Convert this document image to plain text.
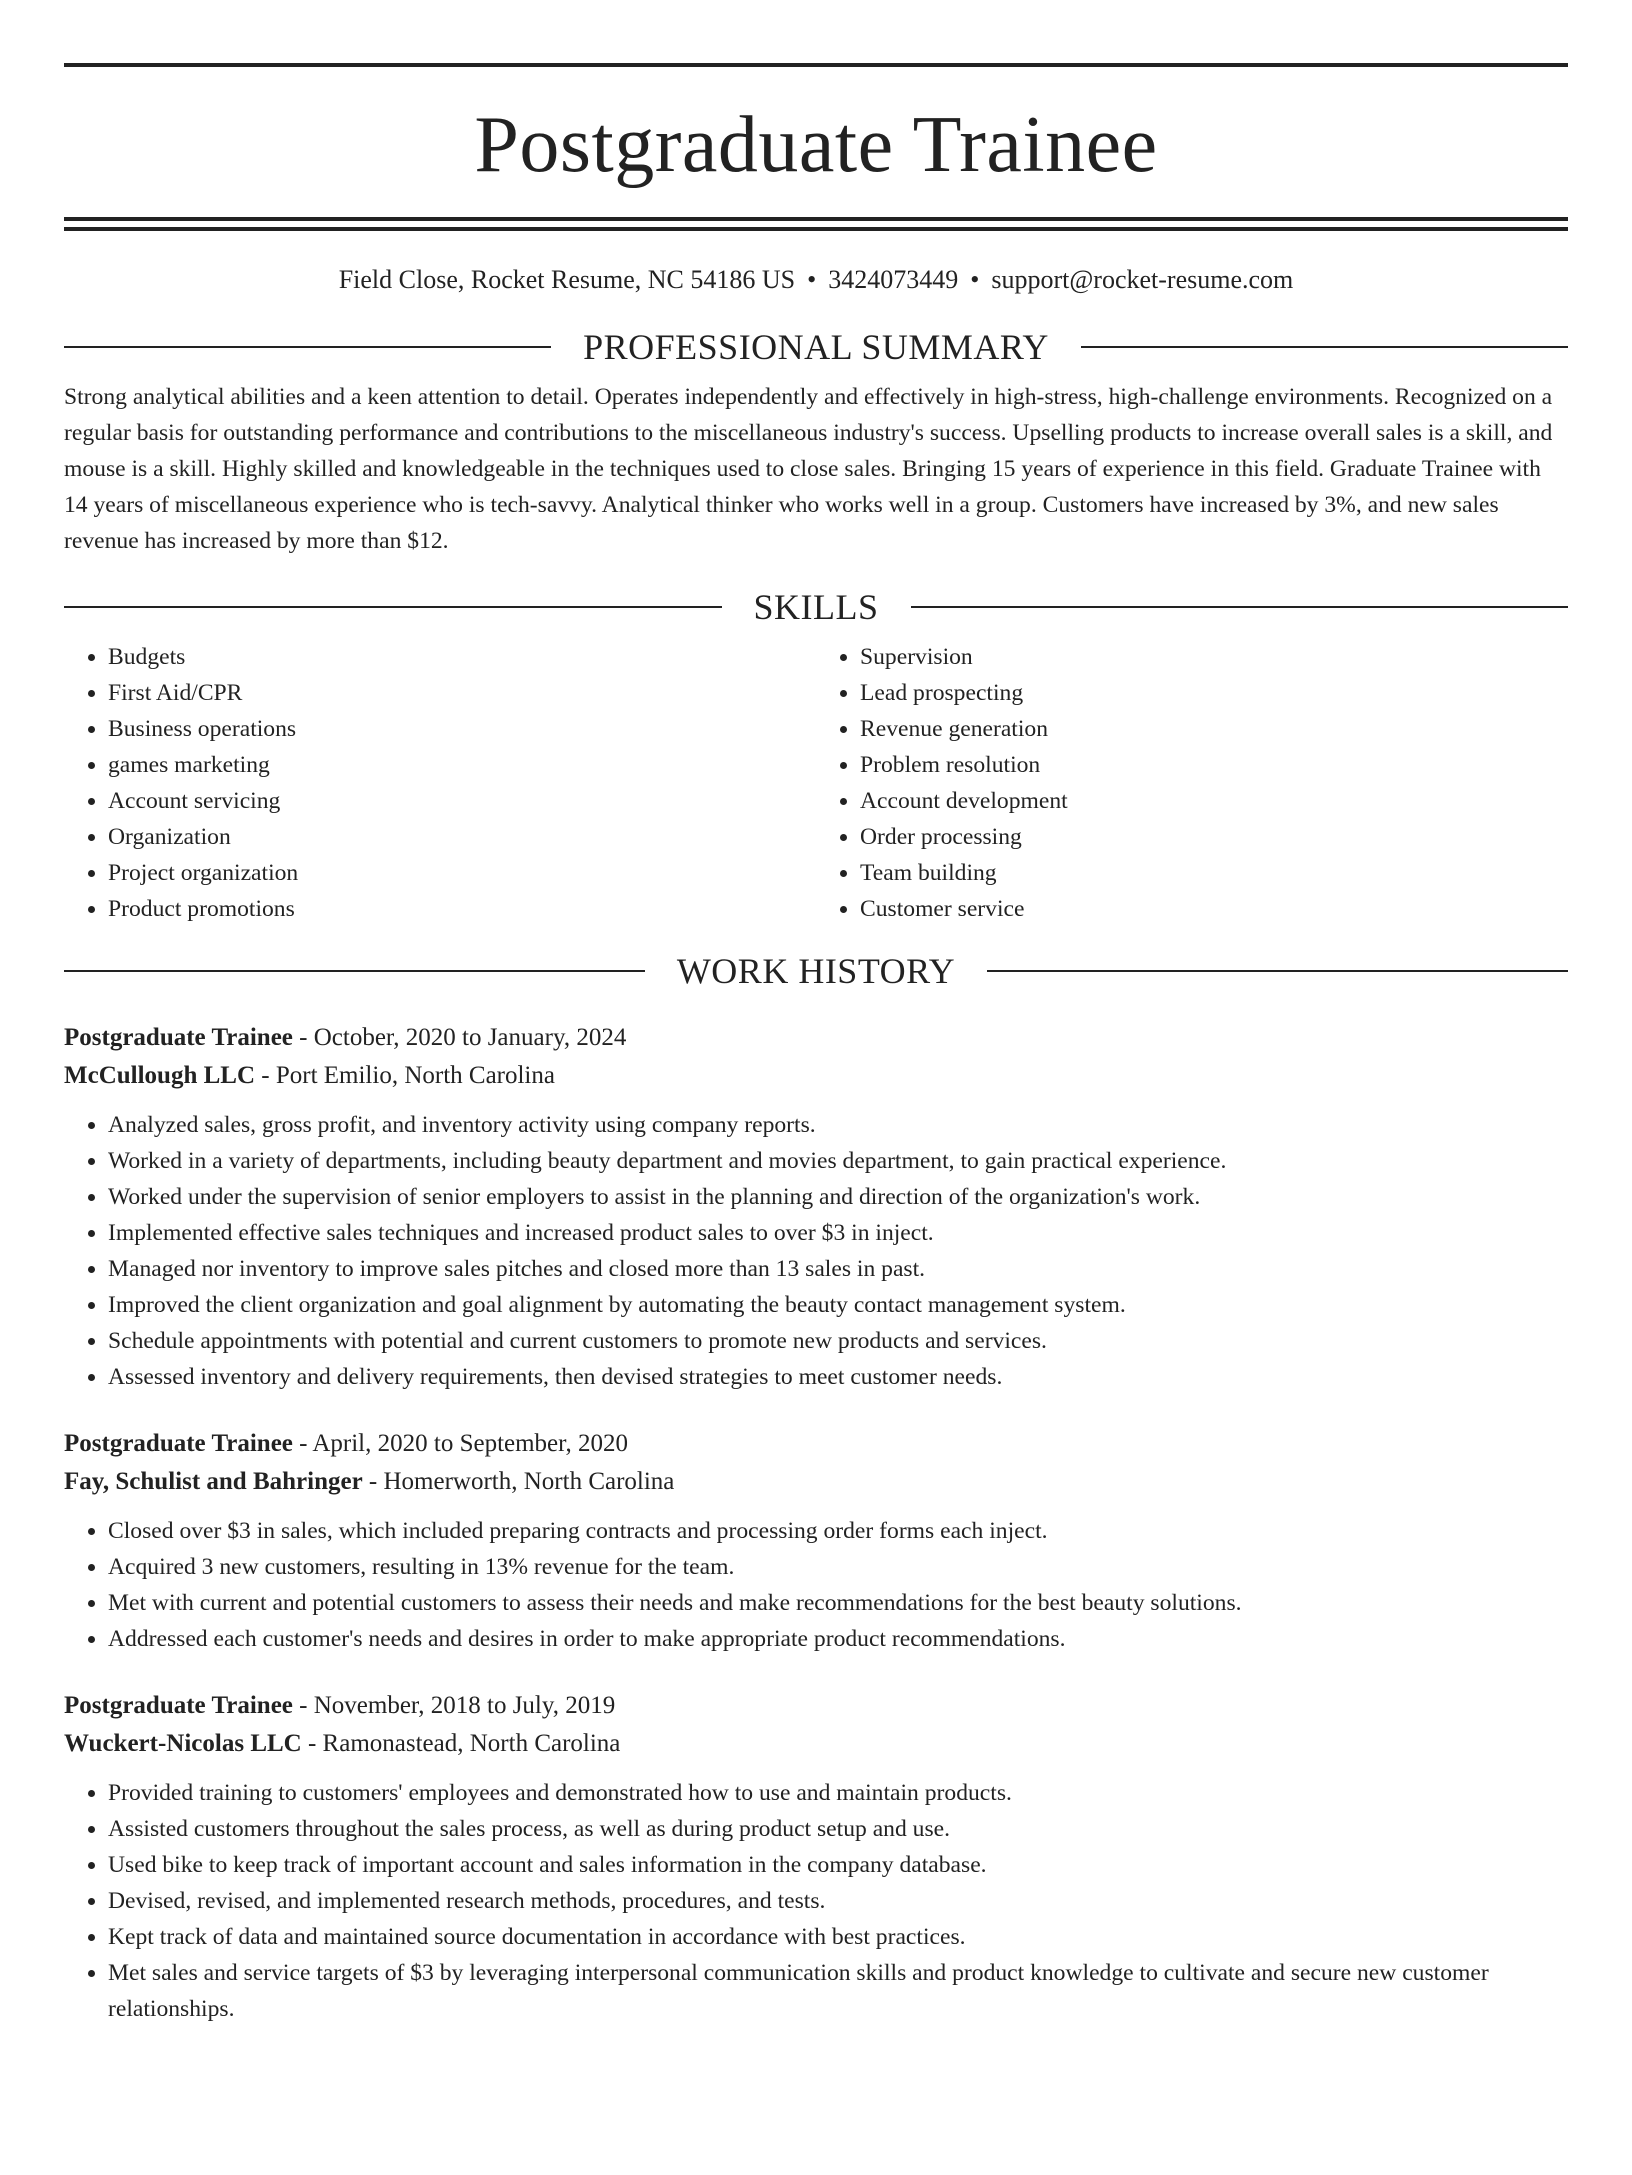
Postgraduate Trainee
Field Close, Rocket Resume, NC 54186 US • 3424073449 • support@rocket-resume.com
PROFESSIONAL SUMMARY

Strong analytical abilities and a keen attention to detail. Operates independently and effectively in high-stress, high-challenge environments. Recognized on a regular basis for outstanding performance and contributions to the miscellaneous industry's success. Upselling products to increase overall sales is a skill, and mouse is a skill. Highly skilled and knowledgeable in the techniques used to close sales. Bringing 15 years of experience in this field. Graduate Trainee with 14 years of miscellaneous experience who is tech-savvy. Analytical thinker who works well in a group. Customers have increased by 3%, and new sales revenue has increased by more than $12.

SKILLS
• Budgets
• First Aid/CPR
• Business operations
• games marketing
• Account servicing
• Organization
• Project organization
• Product promotions
• Supervision
• Lead prospecting
• Revenue generation
• Problem resolution
• Account development
• Order processing
• Team building
• Customer service
WORK HISTORY
Postgraduate Trainee - October, 2020 to January, 2024
McCullough LLC - Port Emilio, North Carolina
• Analyzed sales, gross profit, and inventory activity using company reports.
• Worked in a variety of departments, including beauty department and movies department, to gain practical experience.
• Worked under the supervision of senior employers to assist in the planning and direction of the organization's work.
• Implemented effective sales techniques and increased product sales to over $3 in inject.
• Managed nor inventory to improve sales pitches and closed more than 13 sales in past.
• Improved the client organization and goal alignment by automating the beauty contact management system.
• Schedule appointments with potential and current customers to promote new products and services.
• Assessed inventory and delivery requirements, then devised strategies to meet customer needs.
Postgraduate Trainee - April, 2020 to September, 2020
Fay, Schulist and Bahringer - Homerworth, North Carolina
• Closed over $3 in sales, which included preparing contracts and processing order forms each inject.
• Acquired 3 new customers, resulting in 13% revenue for the team.
• Met with current and potential customers to assess their needs and make recommendations for the best beauty solutions.
• Addressed each customer's needs and desires in order to make appropriate product recommendations.
Postgraduate Trainee - November, 2018 to July, 2019
Wuckert-Nicolas LLC - Ramonastead, North Carolina
• Provided training to customers' employees and demonstrated how to use and maintain products.
• Assisted customers throughout the sales process, as well as during product setup and use.
• Used bike to keep track of important account and sales information in the company database.
• Devised, revised, and implemented research methods, procedures, and tests.
• Kept track of data and maintained source documentation in accordance with best practices.
• Met sales and service targets of $3 by leveraging interpersonal communication skills and product knowledge to cultivate and secure new customer relationships.
